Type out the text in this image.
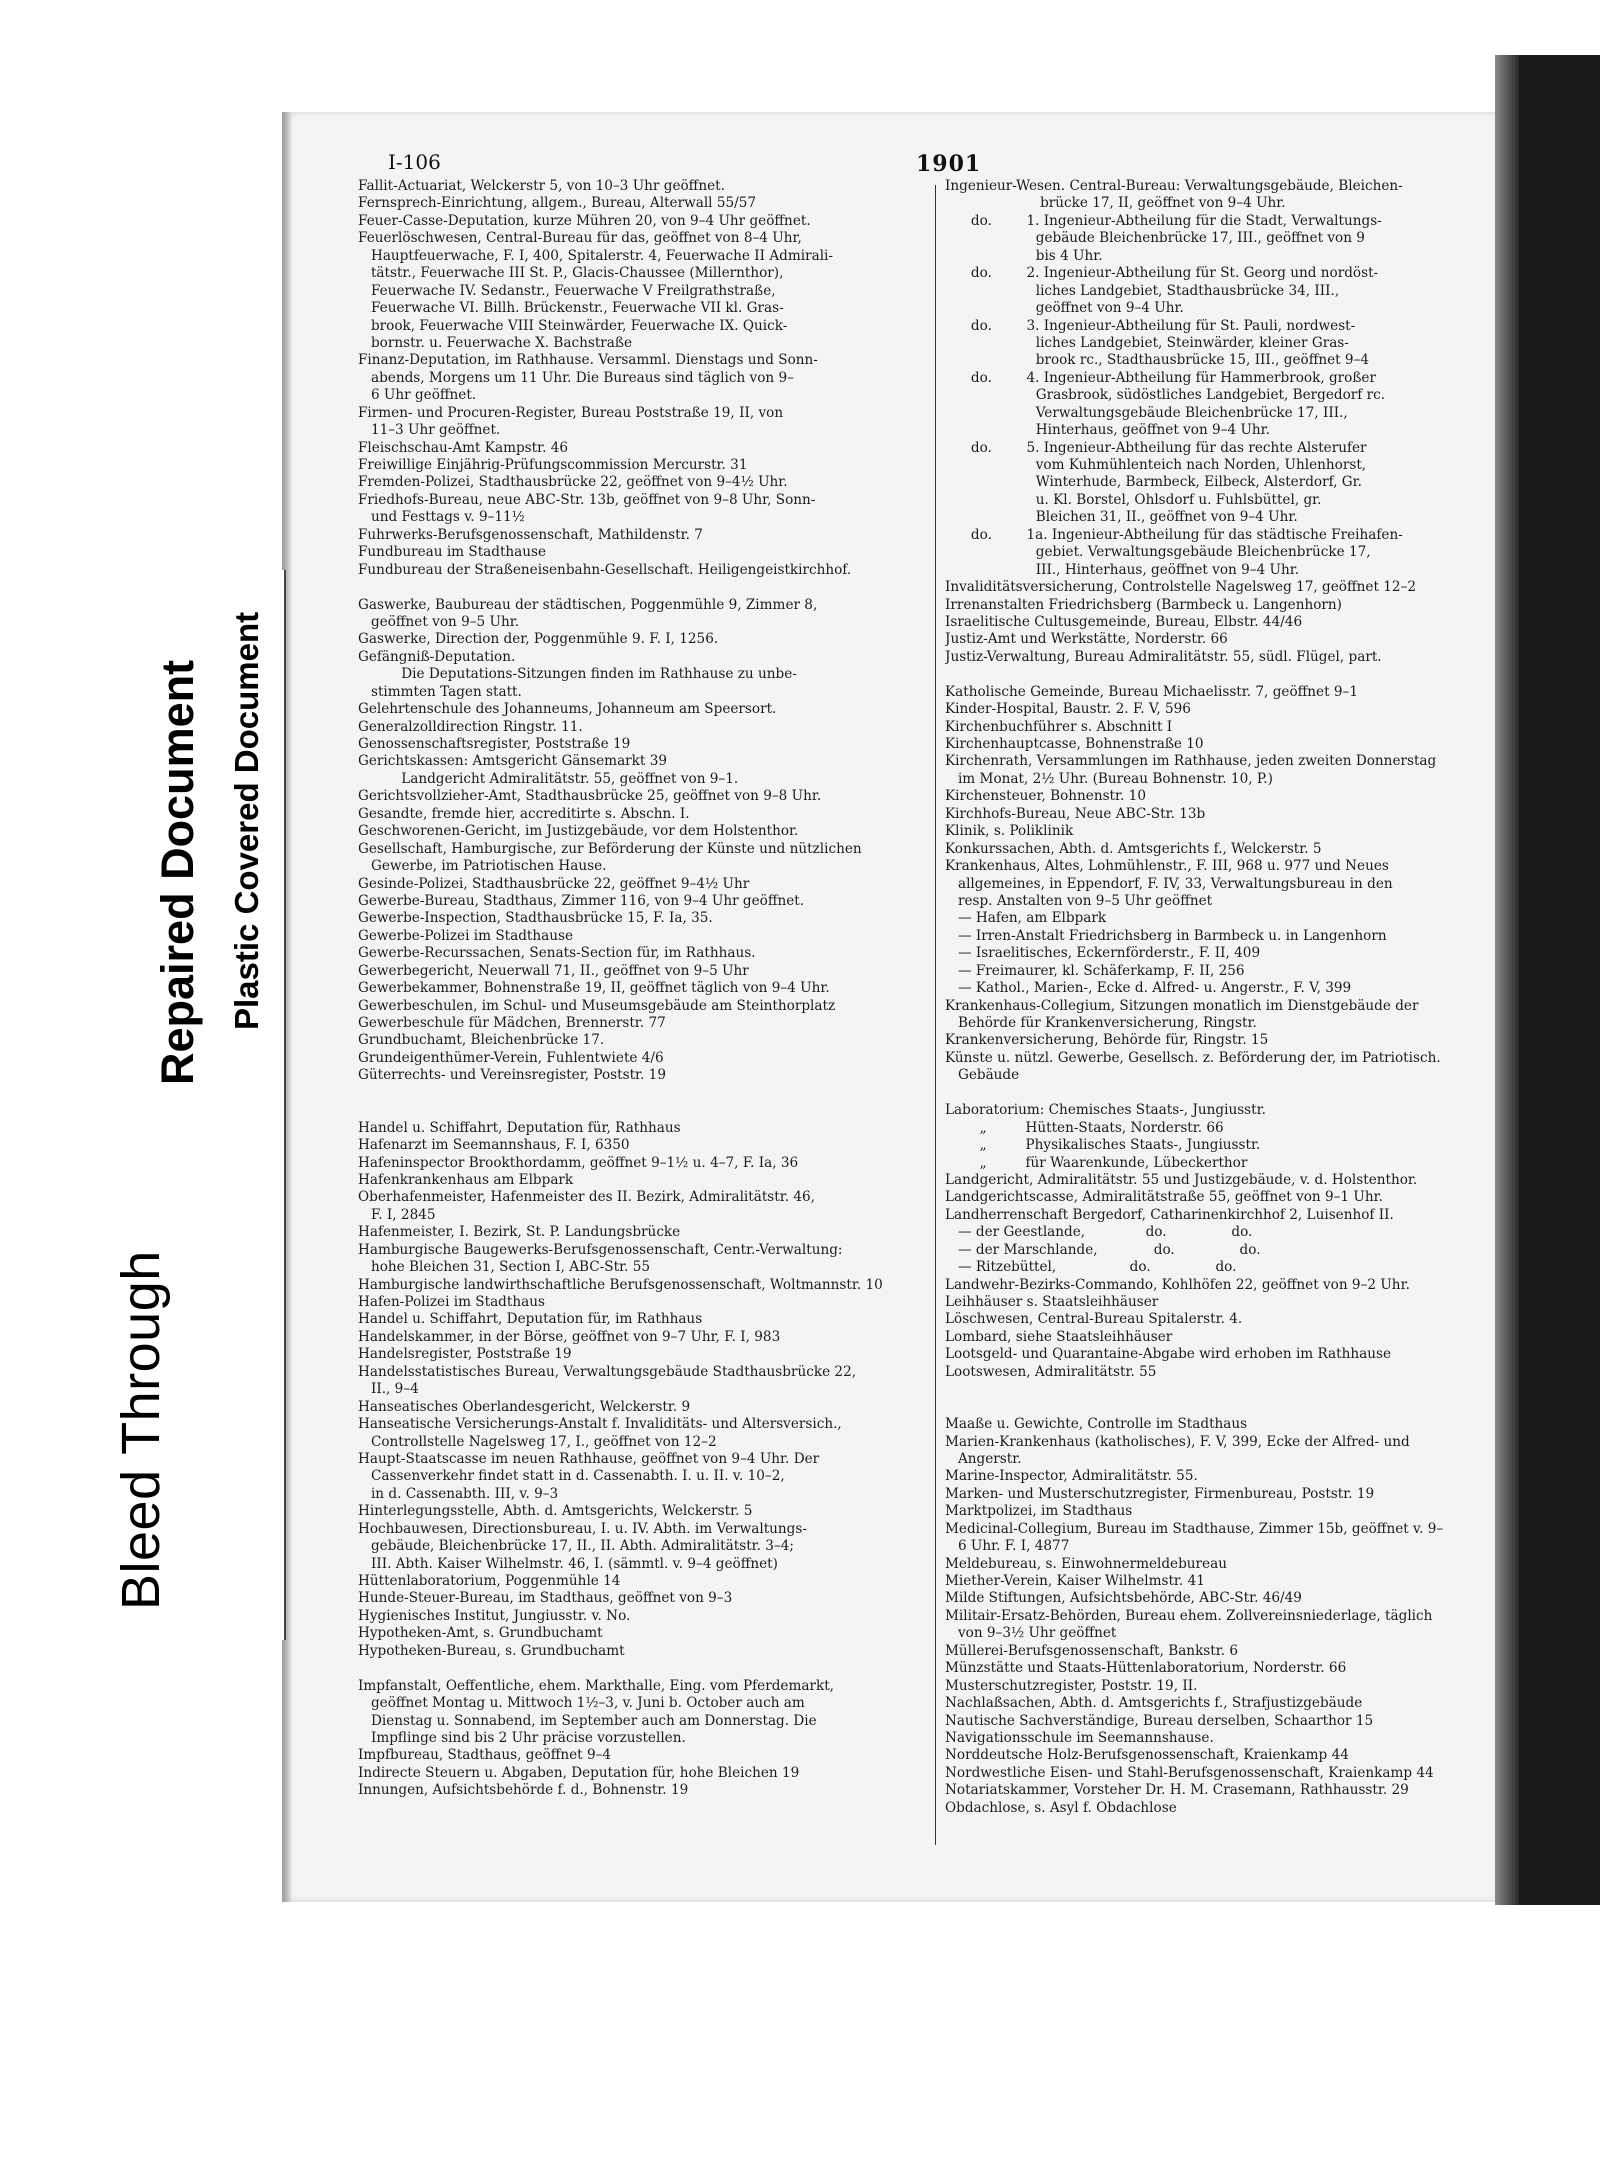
Bleed Through
Repaired Document Plastic Covered Document
I-106	1901
Fallit-Actuariat, Welckerstr 5, von 10–3 Uhr geöffnet.
Fernsprech-Einrichtung, allgem., Bureau, Alterwall 55/57
Feuer-Casse-Deputation, kurze Mühren 20, von 9–4 Uhr geöffnet.
Feuerlöschwesen, Central-Bureau für das, geöffnet von 8–4 Uhr,
Hauptfeuerwache, F. I, 400, Spitalerstr. 4, Feuerwache II Admirali-
tätstr., Feuerwache III St. P., Glacis-Chaussee (Millernthor),
Feuerwache IV. Sedanstr., Feuerwache V Freilgrathstraße,
Feuerwache VI. Billh. Brückenstr., Feuerwache VII kl. Gras-
brook, Feuerwache VIII Steinwärder, Feuerwache IX. Quick-
bornstr. u. Feuerwache X. Bachstraße
Finanz-Deputation, im Rathhause. Versamml. Dienstags und Sonn-
abends, Morgens um 11 Uhr. Die Bureaus sind täglich von 9–
6 Uhr geöffnet.
Firmen- und Procuren-Register, Bureau Poststraße 19, II, von
11–3 Uhr geöffnet.
Fleischschau-Amt Kampstr. 46
Freiwillige Einjährig-Prüfungscommission Mercurstr. 31
Fremden-Polizei, Stadthausbrücke 22, geöffnet von 9–4½ Uhr.
Friedhofs-Bureau, neue ABC-Str. 13b, geöffnet von 9–8 Uhr, Sonn-
und Festtags v. 9–11½
Fuhrwerks-Berufsgenossenschaft, Mathildenstr. 7
Fundbureau im Stadthause
Fundbureau der Straßeneisenbahn-Gesellschaft. Heiligengeistkirchhof.
Gaswerke, Baubureau der städtischen, Poggenmühle 9, Zimmer 8,
geöffnet von 9–5 Uhr.
Gaswerke, Direction der, Poggenmühle 9. F. I, 1256.
Gefängniß-Deputation.
Die Deputations-Sitzungen finden im Rathhause zu unbe-
stimmten Tagen statt.
Gelehrtenschule des Johanneums, Johanneum am Speersort.
Generalzolldirection Ringstr. 11.
Genossenschaftsregister, Poststraße 19
Gerichtskassen: Amtsgericht Gänsemarkt 39
Landgericht Admiralitätstr. 55, geöffnet von 9–1.
Gerichtsvollzieher-Amt, Stadthausbrücke 25, geöffnet von 9–8 Uhr.
Gesandte, fremde hier, accreditirte s. Abschn. I.
Geschworenen-Gericht, im Justizgebäude, vor dem Holstenthor.
Gesellschaft, Hamburgische, zur Beförderung der Künste und nützlichen
Gewerbe, im Patriotischen Hause.
Gesinde-Polizei, Stadthausbrücke 22, geöffnet 9–4½ Uhr
Gewerbe-Bureau, Stadthaus, Zimmer 116, von 9–4 Uhr geöffnet.
Gewerbe-Inspection, Stadthausbrücke 15, F. Ia, 35.
Gewerbe-Polizei im Stadthause
Gewerbe-Recurssachen, Senats-Section für, im Rathhaus.
Gewerbegericht, Neuerwall 71, II., geöffnet von 9–5 Uhr
Gewerbekammer, Bohnenstraße 19, II, geöffnet täglich von 9–4 Uhr.
Gewerbeschulen, im Schul- und Museumsgebäude am Steinthorplatz
Gewerbeschule für Mädchen, Brennerstr. 77
Grundbuchamt, Bleichenbrücke 17.
Grundeigenthümer-Verein, Fuhlentwiete 4/6
Güterrechts- und Vereinsregister, Poststr. 19
Handel u. Schiffahrt, Deputation für, Rathhaus
Hafenarzt im Seemannshaus, F. I, 6350
Hafeninspector Brookthordamm, geöffnet 9–1½ u. 4–7, F. Ia, 36
Hafenkrankenhaus am Elbpark
Oberhafenmeister, Hafenmeister des II. Bezirk, Admiralitätstr. 46,
F. I, 2845
Hafenmeister, I. Bezirk, St. P. Landungsbrücke
Hamburgische Baugewerks-Berufsgenossenschaft, Centr.-Verwaltung:
hohe Bleichen 31, Section I, ABC-Str. 55
Hamburgische landwirthschaftliche Berufsgenossenschaft, Woltmannstr. 10
Hafen-Polizei im Stadthaus
Handel u. Schiffahrt, Deputation für, im Rathhaus
Handelskammer, in der Börse, geöffnet von 9–7 Uhr, F. I, 983
Handelsregister, Poststraße 19
Handelsstatistisches Bureau, Verwaltungsgebäude Stadthausbrücke 22,
II., 9–4
Hanseatisches Oberlandesgericht, Welckerstr. 9
Hanseatische Versicherungs-Anstalt f. Invaliditäts- und Altersversich.,
Controllstelle Nagelsweg 17, I., geöffnet von 12–2
Haupt-Staatscasse im neuen Rathhause, geöffnet von 9–4 Uhr. Der
Cassenverkehr findet statt in d. Cassenabth. I. u. II. v. 10–2,
in d. Cassenabth. III, v. 9–3
Hinterlegungsstelle, Abth. d. Amtsgerichts, Welckerstr. 5
Hochbauwesen, Directionsbureau, I. u. IV. Abth. im Verwaltungs-
gebäude, Bleichenbrücke 17, II., II. Abth. Admiralitätstr. 3–4;
III. Abth. Kaiser Wilhelmstr. 46, I. (sämmtl. v. 9–4 geöffnet)
Hüttenlaboratorium, Poggenmühle 14
Hunde-Steuer-Bureau, im Stadthaus, geöffnet von 9–3
Hygienisches Institut, Jungiusstr. v. No.
Hypotheken-Amt, s. Grundbuchamt
Hypotheken-Bureau, s. Grundbuchamt
Impfanstalt, Oeffentliche, ehem. Markthalle, Eing. vom Pferdemarkt,
geöffnet Montag u. Mittwoch 1½–3, v. Juni b. October auch am
Dienstag u. Sonnabend, im September auch am Donnerstag. Die
Impflinge sind bis 2 Uhr präcise vorzustellen.
Impfbureau, Stadthaus, geöffnet 9–4
Indirecte Steuern u. Abgaben, Deputation für, hohe Bleichen 19
Innungen, Aufsichtsbehörde f. d., Bohnenstr. 19
Ingenieur-Wesen. Central-Bureau: Verwaltungsgebäude, Bleichen-
brücke 17, II, geöffnet von 9–4 Uhr.
do.        1. Ingenieur-Abtheilung für die Stadt, Verwaltungs-
gebäude Bleichenbrücke 17, III., geöffnet von 9
bis 4 Uhr.
do.        2. Ingenieur-Abtheilung für St. Georg und nordöst-
liches Landgebiet, Stadthausbrücke 34, III.,
geöffnet von 9–4 Uhr.
do.        3. Ingenieur-Abtheilung für St. Pauli, nordwest-
liches Landgebiet, Steinwärder, kleiner Gras-
brook rc., Stadthausbrücke 15, III., geöffnet 9–4
do.        4. Ingenieur-Abtheilung für Hammerbrook, großer
Grasbrook, südöstliches Landgebiet, Bergedorf rc.
Verwaltungsgebäude Bleichenbrücke 17, III.,
Hinterhaus, geöffnet von 9–4 Uhr.
do.        5. Ingenieur-Abtheilung für das rechte Alsterufer
vom Kuhmühlenteich nach Norden, Uhlenhorst,
Winterhude, Barmbeck, Eilbeck, Alsterdorf, Gr.
u. Kl. Borstel, Ohlsdorf u. Fuhlsbüttel, gr.
Bleichen 31, II., geöffnet von 9–4 Uhr.
do.        1a. Ingenieur-Abtheilung für das städtische Freihafen-
gebiet. Verwaltungsgebäude Bleichenbrücke 17,
III., Hinterhaus, geöffnet von 9–4 Uhr.
Invaliditätsversicherung, Controlstelle Nagelsweg 17, geöffnet 12–2
Irrenanstalten Friedrichsberg (Barmbeck u. Langenhorn)
Israelitische Cultusgemeinde, Bureau, Elbstr. 44/46
Justiz-Amt und Werkstätte, Norderstr. 66
Justiz-Verwaltung, Bureau Admiralitätstr. 55, südl. Flügel, part.
Katholische Gemeinde, Bureau Michaelisstr. 7, geöffnet 9–1
Kinder-Hospital, Baustr. 2. F. V, 596
Kirchenbuchführer s. Abschnitt I
Kirchenhauptcasse, Bohnenstraße 10
Kirchenrath, Versammlungen im Rathhause, jeden zweiten Donnerstag
im Monat, 2½ Uhr. (Bureau Bohnenstr. 10, P.)
Kirchensteuer, Bohnenstr. 10
Kirchhofs-Bureau, Neue ABC-Str. 13b
Klinik, s. Poliklinik
Konkurssachen, Abth. d. Amtsgerichts f., Welckerstr. 5
Krankenhaus, Altes, Lohmühlenstr., F. III, 968 u. 977 und Neues
allgemeines, in Eppendorf, F. IV, 33, Verwaltungsbureau in den
resp. Anstalten von 9–5 Uhr geöffnet
— Hafen, am Elbpark
— Irren-Anstalt Friedrichsberg in Barmbeck u. in Langenhorn
— Israelitisches, Eckernförderstr., F. II, 409
— Freimaurer, kl. Schäferkamp, F. II, 256
— Kathol., Marien-, Ecke d. Alfred- u. Angerstr., F. V, 399
Krankenhaus-Collegium, Sitzungen monatlich im Dienstgebäude der
Behörde für Krankenversicherung, Ringstr.
Krankenversicherung, Behörde für, Ringstr. 15
Künste u. nützl. Gewerbe, Gesellsch. z. Beförderung der, im Patriotisch.
Gebäude
Laboratorium: Chemisches Staats-, Jungiusstr.
„         Hütten-Staats, Norderstr. 66
„         Physikalisches Staats-, Jungiusstr.
„         für Waarenkunde, Lübeckerthor
Landgericht, Admiralitätstr. 55 und Justizgebäude, v. d. Holstenthor.
Landgerichtscasse, Admiralitätstraße 55, geöffnet von 9–1 Uhr.
Landherrenschaft Bergedorf, Catharinenkirchhof 2, Luisenhof II.
— der Geestlande,              do.               do.
— der Marschlande,             do.               do.
— Ritzebüttel,                 do.               do.
Landwehr-Bezirks-Commando, Kohlhöfen 22, geöffnet von 9–2 Uhr.
Leihhäuser s. Staatsleihhäuser
Löschwesen, Central-Bureau Spitalerstr. 4.
Lombard, siehe Staatsleihhäuser
Lootsgeld- und Quarantaine-Abgabe wird erhoben im Rathhause
Lootswesen, Admiralitätstr. 55
Maaße u. Gewichte, Controlle im Stadthaus
Marien-Krankenhaus (katholisches), F. V, 399, Ecke der Alfred- und
Angerstr.
Marine-Inspector, Admiralitätstr. 55.
Marken- und Musterschutzregister, Firmenbureau, Poststr. 19
Marktpolizei, im Stadthaus
Medicinal-Collegium, Bureau im Stadthause, Zimmer 15b, geöffnet v. 9–
6 Uhr. F. I, 4877
Meldebureau, s. Einwohnermeldebureau
Miether-Verein, Kaiser Wilhelmstr. 41
Milde Stiftungen, Aufsichtsbehörde, ABC-Str. 46/49
Militair-Ersatz-Behörden, Bureau ehem. Zollvereinsniederlage, täglich
von 9–3½ Uhr geöffnet
Müllerei-Berufsgenossenschaft, Bankstr. 6
Münzstätte und Staats-Hüttenlaboratorium, Norderstr. 66
Musterschutzregister, Poststr. 19, II.
Nachlaßsachen, Abth. d. Amtsgerichts f., Strafjustizgebäude
Nautische Sachverständige, Bureau derselben, Schaarthor 15
Navigationsschule im Seemannshause.
Norddeutsche Holz-Berufsgenossenschaft, Kraienkamp 44
Nordwestliche Eisen- und Stahl-Berufsgenossenschaft, Kraienkamp 44
Notariatskammer, Vorsteher Dr. H. M. Crasemann, Rathhausstr. 29
Obdachlose, s. Asyl f. Obdachlose
